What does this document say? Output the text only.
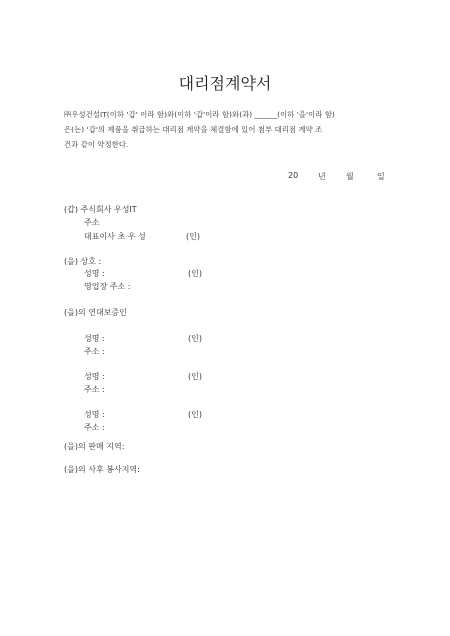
대리점계약서
㈜우성건설IT(이하 '갑' 이라 함)와(이하 '갑'이라 함)와(과) ______(이하 '을'이라 함)
은(는) '갑'의 제품을 취급하는 대리점 계약을 체결함에 있어 첨부 대리점 계약 조
건과 같이 약정한다.
20 년	월	일
(갑) 주식회사 우성IT
주소
대표이사 초 우 성	(인)
(을) 상호 :
성명 :	(인)
영업장 주소 :
(을)의 연대보증인
성명 :	(인)
주소 :
성명 :	(인)
주소 :
성명 :	(인)
주소 :
(을)의 판매 지역:
(을)의 사후 봉사지역:
